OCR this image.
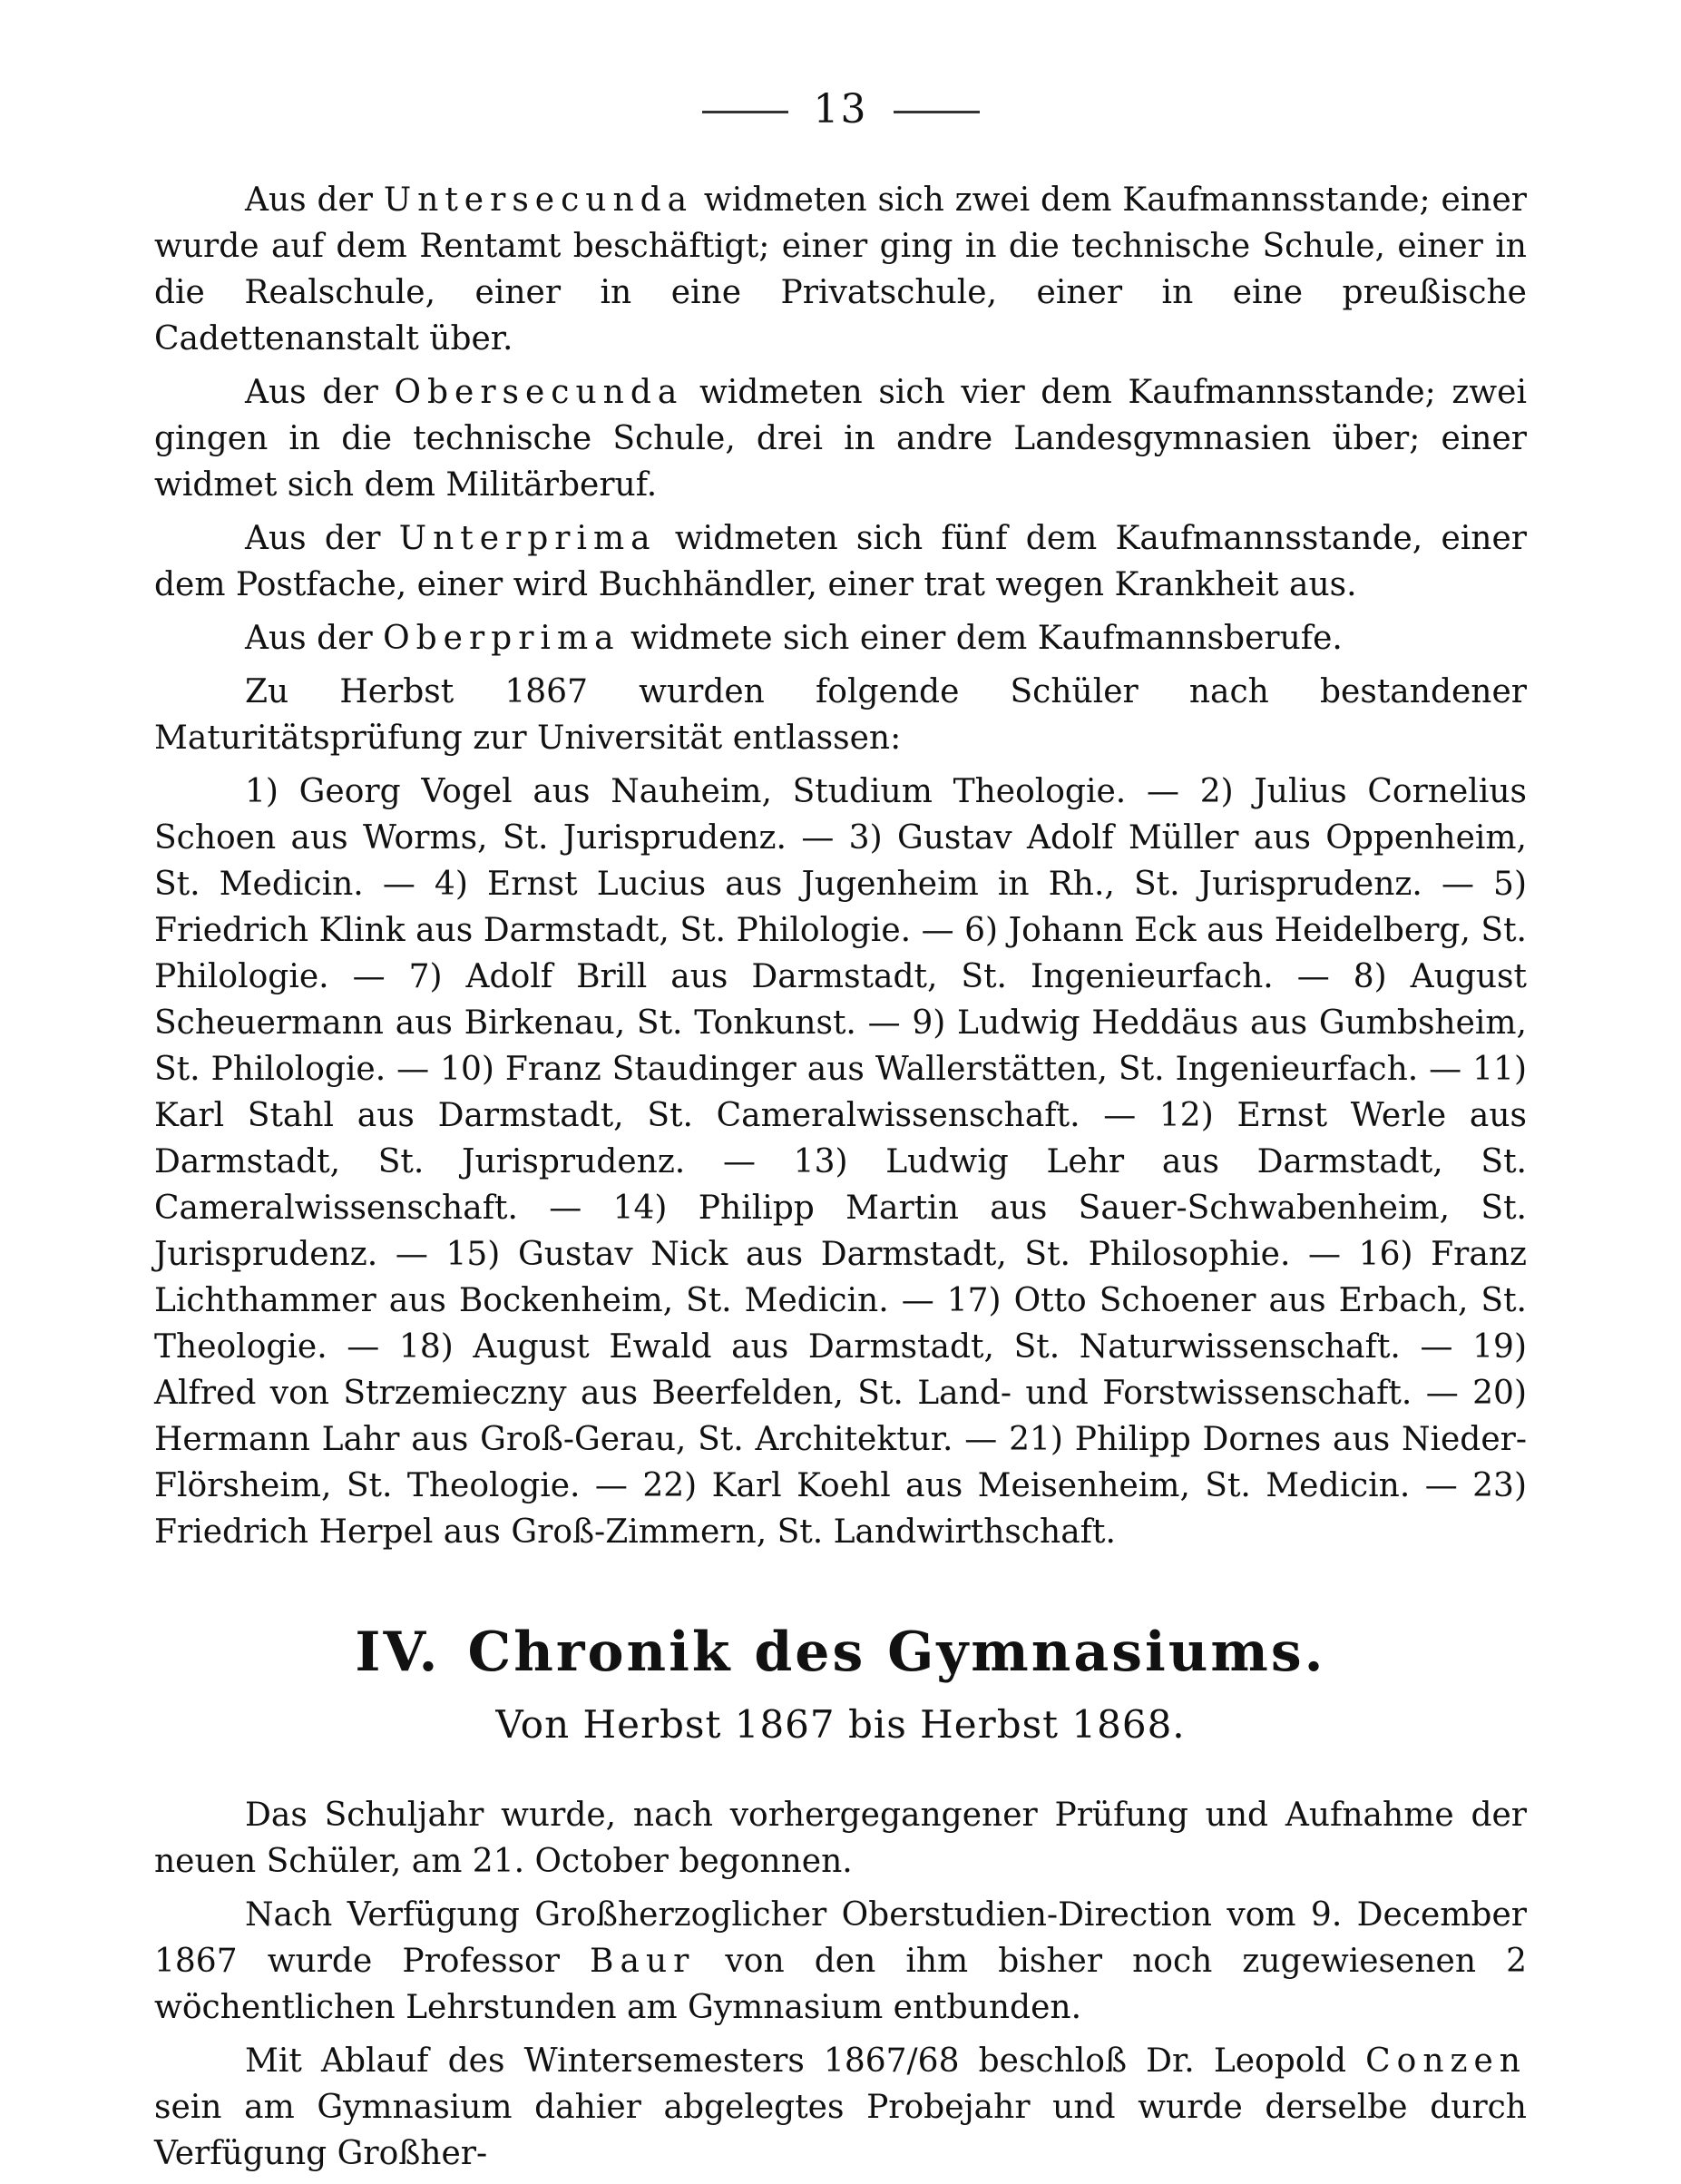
13

Aus der Untersecunda widmeten sich zwei dem Kaufmannsstande; einer wurde auf dem Rentamt beschäftigt; einer ging in die technische Schule, einer in die Realschule, einer in eine Privatschule, einer in eine preußische Cadettenanstalt über.

Aus der Obersecunda widmeten sich vier dem Kaufmannsstande; zwei gingen in die technische Schule, drei in andre Landesgymnasien über; einer widmet sich dem Militärberuf.

Aus der Unterprima widmeten sich fünf dem Kaufmannsstande, einer dem Postfache, einer wird Buchhändler, einer trat wegen Krankheit aus.

Aus der Oberprima widmete sich einer dem Kaufmannsberufe.

Zu Herbst 1867 wurden folgende Schüler nach bestandener Maturitätsprüfung zur Universität entlassen:

1) Georg Vogel aus Nauheim, Studium Theologie. — 2) Julius Cornelius Schoen aus Worms, St. Jurisprudenz. — 3) Gustav Adolf Müller aus Oppenheim, St. Medicin. — 4) Ernst Lucius aus Jugenheim in Rh., St. Jurisprudenz. — 5) Friedrich Klink aus Darmstadt, St. Philologie. — 6) Johann Eck aus Heidelberg, St. Philologie. — 7) Adolf Brill aus Darmstadt, St. Ingenieurfach. — 8) August Scheuermann aus Birkenau, St. Tonkunst. — 9) Ludwig Heddäus aus Gumbsheim, St. Philologie. — 10) Franz Staudinger aus Wallerstätten, St. Ingenieurfach. — 11) Karl Stahl aus Darmstadt, St. Cameralwissenschaft. — 12) Ernst Werle aus Darmstadt, St. Jurisprudenz. — 13) Ludwig Lehr aus Darmstadt, St. Cameralwissenschaft. — 14) Philipp Martin aus Sauer-Schwabenheim, St. Jurisprudenz. — 15) Gustav Nick aus Darmstadt, St. Philosophie. — 16) Franz Lichthammer aus Bockenheim, St. Medicin. — 17) Otto Schoener aus Erbach, St. Theologie. — 18) August Ewald aus Darmstadt, St. Naturwissenschaft. — 19) Alfred von Strzemieczny aus Beerfelden, St. Land- und Forstwissenschaft. — 20) Hermann Lahr aus Groß-Gerau, St. Architektur. — 21) Philipp Dornes aus Nieder-Flörsheim, St. Theologie. — 22) Karl Koehl aus Meisenheim, St. Medicin. — 23) Friedrich Herpel aus Groß-Zimmern, St. Landwirthschaft.

IV. Chronik des Gymnasiums.
Von Herbst 1867 bis Herbst 1868.

Das Schuljahr wurde, nach vorhergegangener Prüfung und Aufnahme der neuen Schüler, am 21. October begonnen.

Nach Verfügung Großherzoglicher Oberstudien-Direction vom 9. December 1867 wurde Professor Baur von den ihm bisher noch zugewiesenen 2 wöchentlichen Lehrstunden am Gymnasium entbunden.

Mit Ablauf des Wintersemesters 1867/68 beschloß Dr. Leopold Conzen sein am Gymnasium dahier abgelegtes Probejahr und wurde derselbe durch Verfügung Großher-
